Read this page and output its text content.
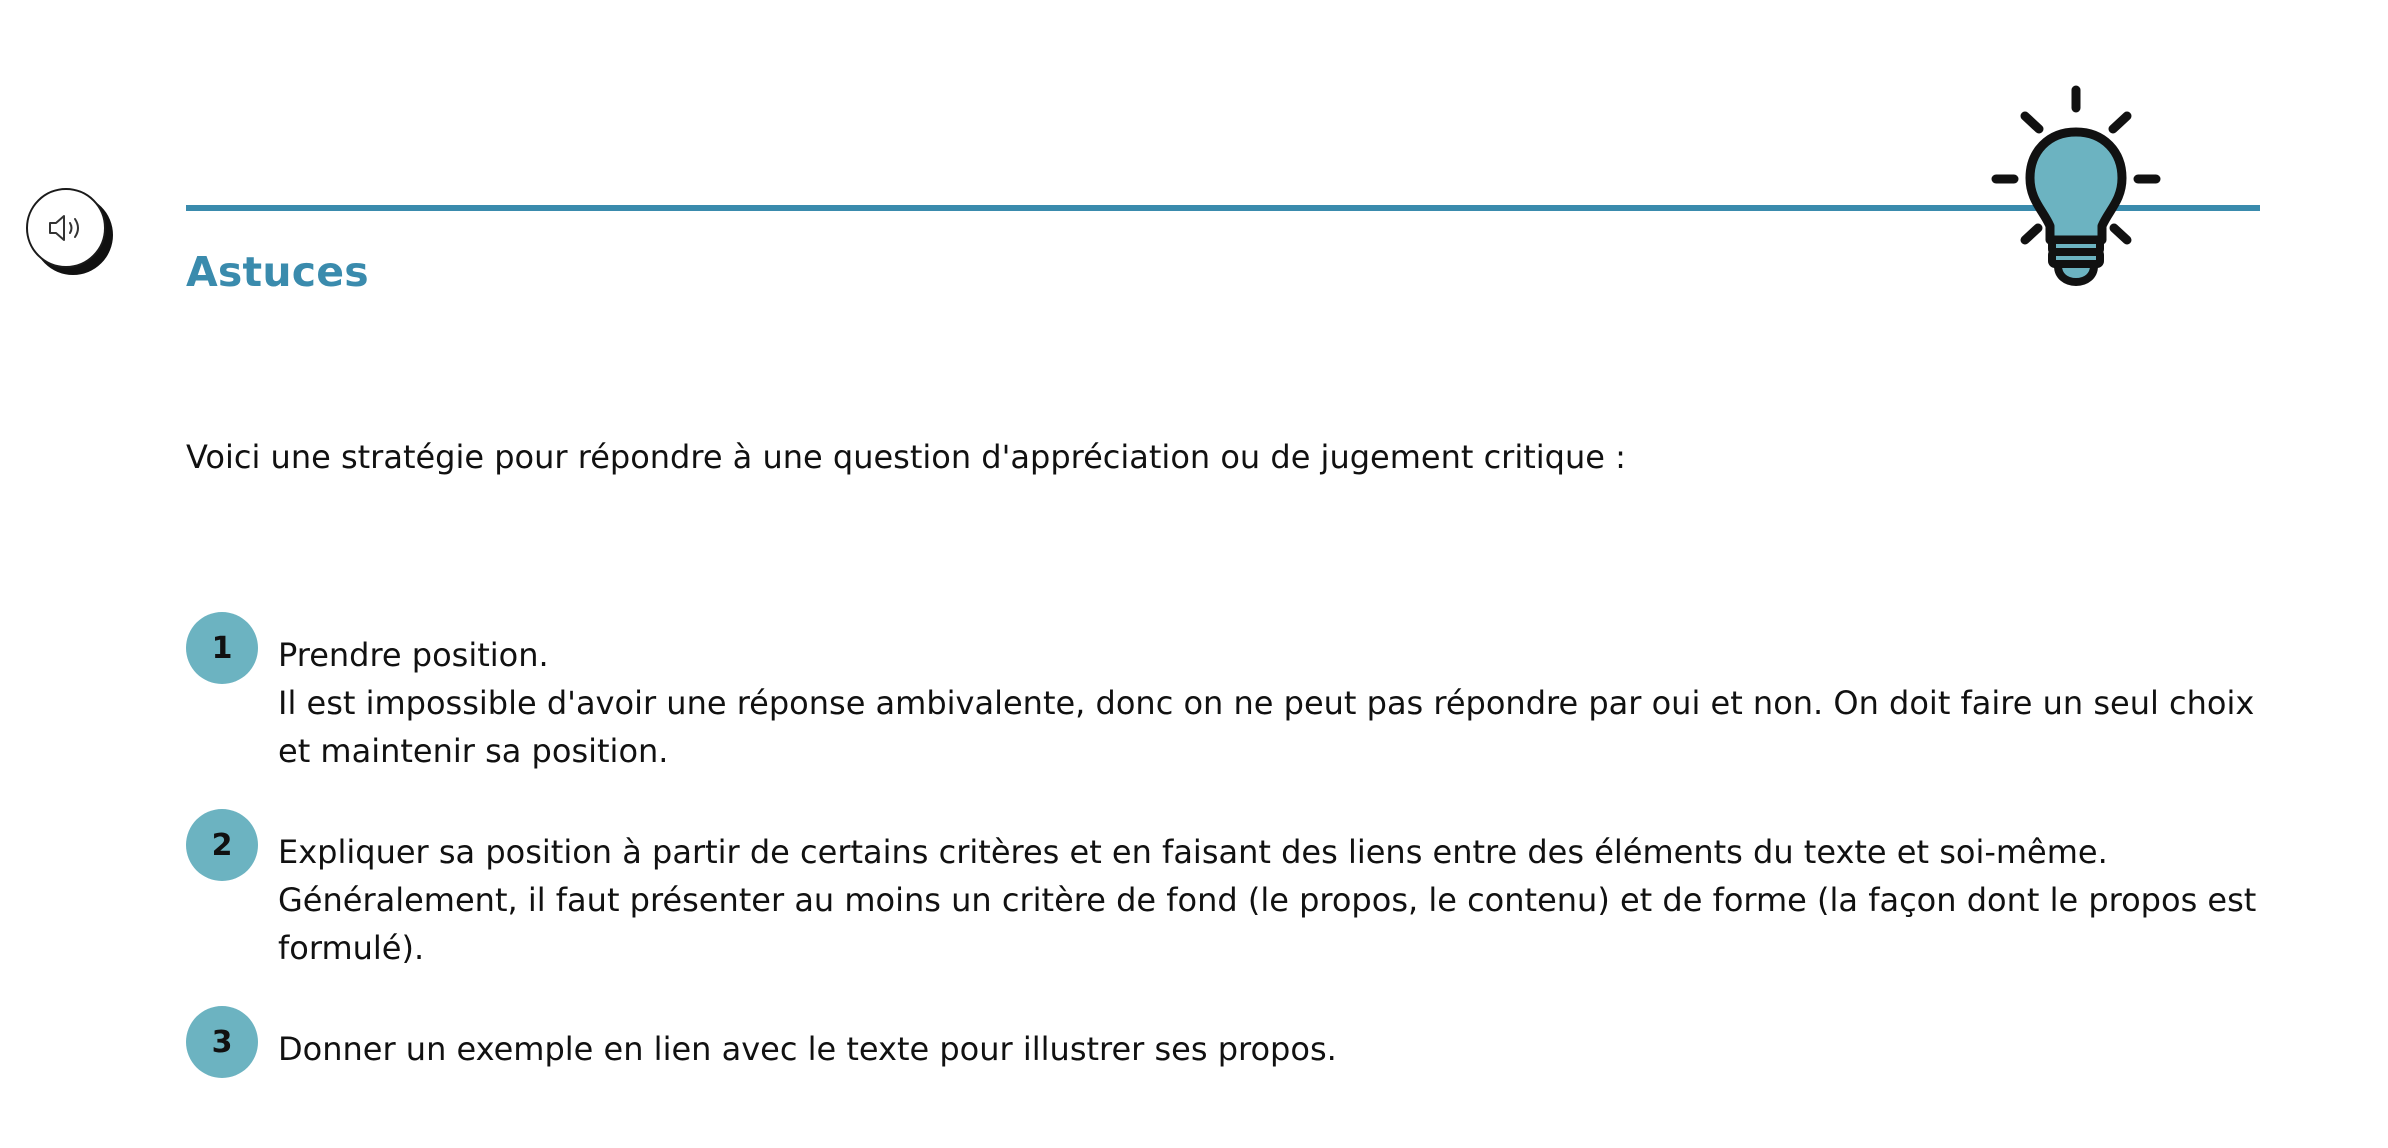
Astuces

Voici une stratégie pour répondre à une question d'appréciation ou de jugement critique :

1	Prendre position.

Il est impossible d'avoir une réponse ambivalente, donc on ne peut pas répondre par oui et non. On doit faire un seul choix et maintenir sa position.

2	Expliquer sa position à partir de certains critères et en faisant des liens entre des éléments du texte et soi-même.

Généralement, il faut présenter au moins un critère de fond (le propos, le contenu) et de forme (la façon dont le propos est formulé).

3	Donner un exemple en lien avec le texte pour illustrer ses propos.
